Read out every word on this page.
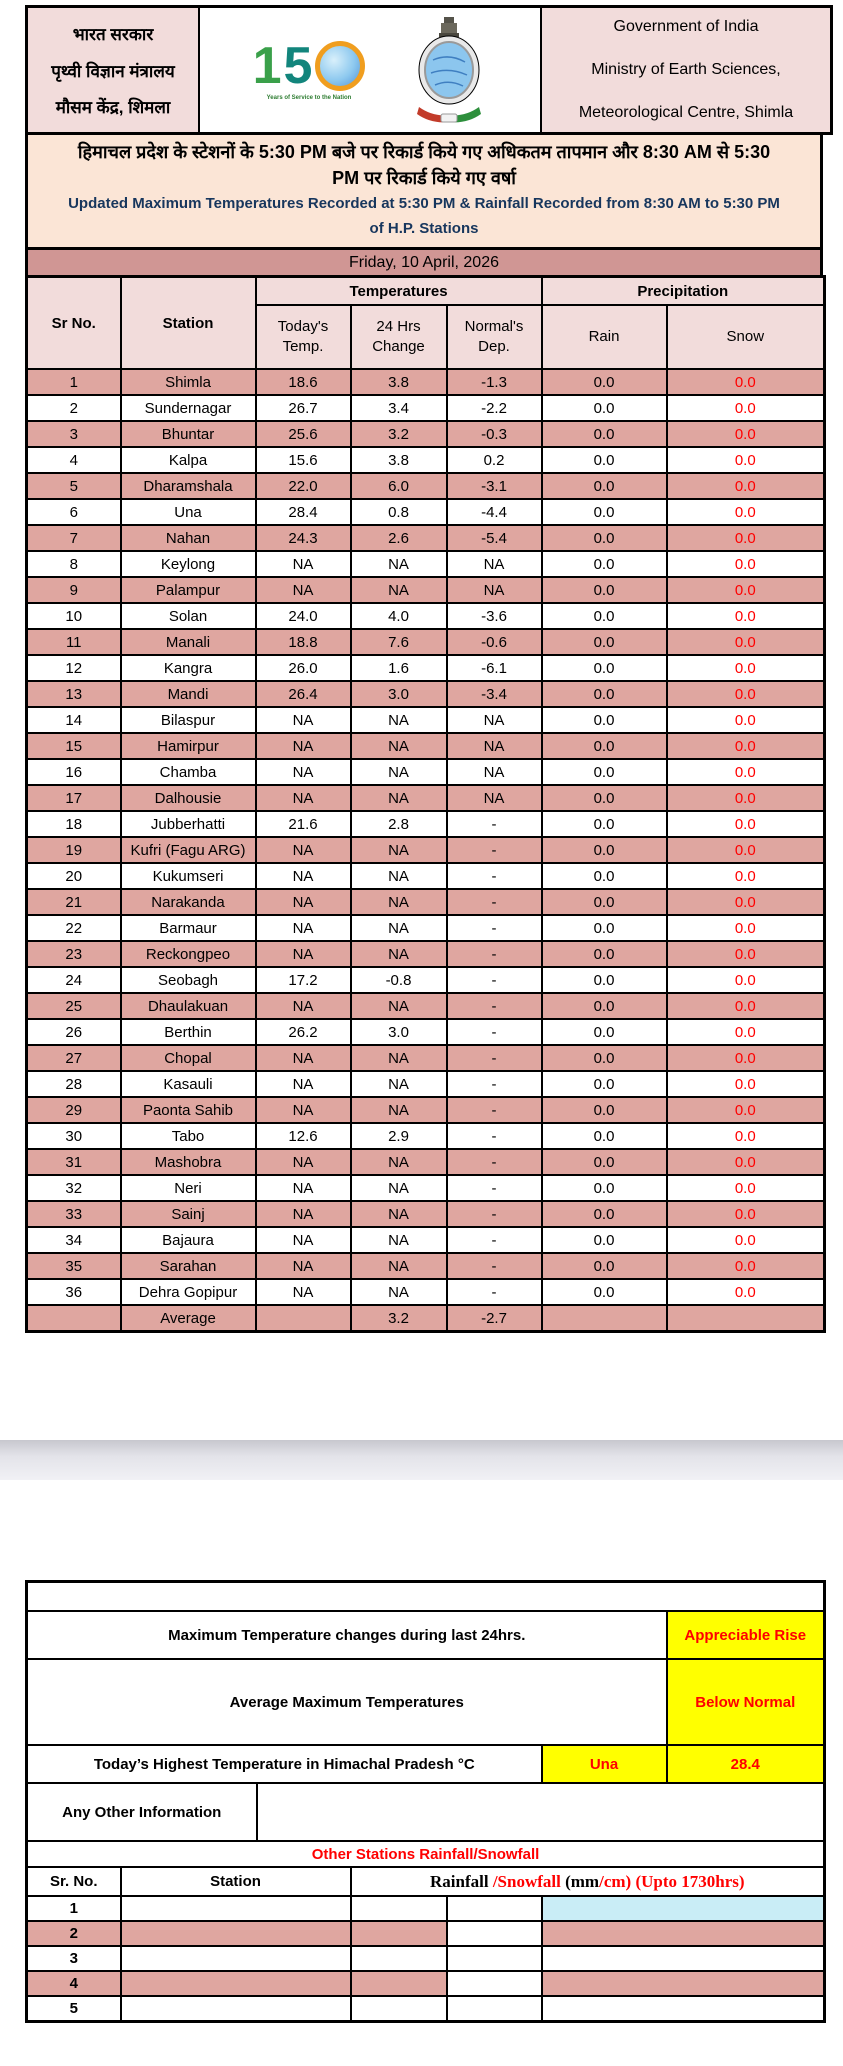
भारत सरकार
पृथ्वी विज्ञान मंत्रालय
मौसम केंद्र, शिमला

1 5
Years of Service to the Nation

Government of India
Ministry of Earth Sciences,
Meteorological Centre, Shimla
हिमाचल प्रदेश के स्टेशनों के 5:30 PM बजे पर रिकार्ड किये गए अधिकतम तापमान और 8:30 AM से 5:30
PM पर रिकार्ड किये गए वर्षा
Updated Maximum Temperatures Recorded at 5:30 PM & Rainfall Recorded from 8:30 AM to 5:30 PM
of H.P. Stations
Friday, 10 April, 2026
Sr No.	Station	Temperatures			Precipitation	
		Today's Temp.	24 Hrs Change	Normal's Dep.	Rain	Snow
1	Shimla	18.6	3.8	-1.3	0.0	0.0
2	Sundernagar	26.7	3.4	-2.2	0.0	0.0
3	Bhuntar	25.6	3.2	-0.3	0.0	0.0
4	Kalpa	15.6	3.8	0.2	0.0	0.0
5	Dharamshala	22.0	6.0	-3.1	0.0	0.0
6	Una	28.4	0.8	-4.4	0.0	0.0
7	Nahan	24.3	2.6	-5.4	0.0	0.0
8	Keylong	NA	NA	NA	0.0	0.0
9	Palampur	NA	NA	NA	0.0	0.0
10	Solan	24.0	4.0	-3.6	0.0	0.0
11	Manali	18.8	7.6	-0.6	0.0	0.0
12	Kangra	26.0	1.6	-6.1	0.0	0.0
13	Mandi	26.4	3.0	-3.4	0.0	0.0
14	Bilaspur	NA	NA	NA	0.0	0.0
15	Hamirpur	NA	NA	NA	0.0	0.0
16	Chamba	NA	NA	NA	0.0	0.0
17	Dalhousie	NA	NA	NA	0.0	0.0
18	Jubberhatti	21.6	2.8	-	0.0	0.0
19	Kufri (Fagu ARG)	NA	NA	-	0.0	0.0
20	Kukumseri	NA	NA	-	0.0	0.0
21	Narakanda	NA	NA	-	0.0	0.0
22	Barmaur	NA	NA	-	0.0	0.0
23	Reckongpeo	NA	NA	-	0.0	0.0
24	Seobagh	17.2	-0.8	-	0.0	0.0
25	Dhaulakuan	NA	NA	-	0.0	0.0
26	Berthin	26.2	3.0	-	0.0	0.0
27	Chopal	NA	NA	-	0.0	0.0
28	Kasauli	NA	NA	-	0.0	0.0
29	Paonta Sahib	NA	NA	-	0.0	0.0
30	Tabo	12.6	2.9	-	0.0	0.0
31	Mashobra	NA	NA	-	0.0	0.0
32	Neri	NA	NA	-	0.0	0.0
33	Sainj	NA	NA	-	0.0	0.0
34	Bajaura	NA	NA	-	0.0	0.0
35	Sarahan	NA	NA	-	0.0	0.0
36	Dehra Gopipur	NA	NA	-	0.0	0.0
	Average		3.2	-2.7		

Maximum Temperature changes during last 24hrs.						Appreciable Rise
Average Maximum Temperatures						Below Normal
Today’s Highest Temperature in Himachal Pradesh °C					Una	28.4
Any Other Information						
Other Stations Rainfall/Snowfall						
Sr. No.	Station		Rainfall /Snowfall (mm/cm) (Upto 1730hrs)			
1						
2						
3						
4						
5						
